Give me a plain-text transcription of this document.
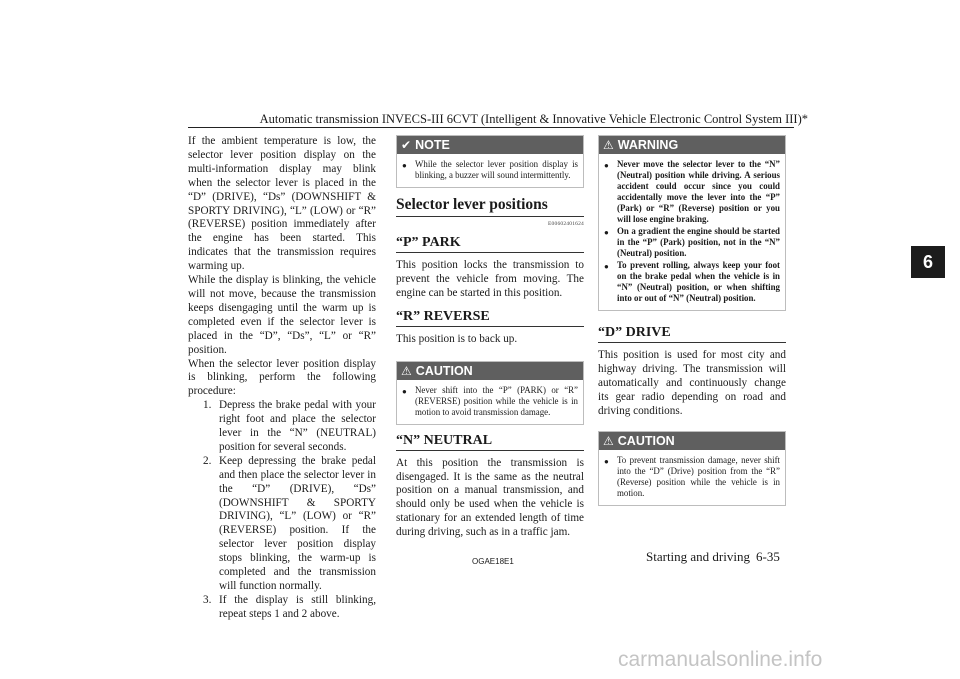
Automatic transmission INVECS-III 6CVT (Intelligent & Innovative Vehicle Electronic Control System III)*
6

If the ambient temperature is low, the selector lever position display on the multi-information display may blink when the selector lever is placed in the “D” (DRIVE), “Ds” (DOWNSHIFT & SPORTY DRIVING), “L” (LOW) or “R” (REVERSE) position immediately after the engine has been started. This indicates that the transmission requires warming up.

While the display is blinking, the vehicle will not move, because the transmission keeps disengaging until the warm up is completed even if the selector lever is placed in the “D”, “Ds”, “L” or “R” position.

When the selector lever position display is blinking, perform the following procedure:

1. Depress the brake pedal with your right foot and place the selector lever in the “N” (NEUTRAL) position for several seconds.
2. Keep depressing the brake pedal and then place the selector lever in the “D” (DRIVE), “Ds” (DOWNSHIFT & SPORTY DRIVING), “L” (LOW) or “R” (REVERSE) position. If the selector lever position display stops blinking, the warm-up is completed and the transmission will function normally.
3. If the display is still blinking, repeat steps 1 and 2 above.
✔ NOTE
● While the selector lever position display is blinking, a buzzer will sound intermittently.
Selector lever positions
E00602401624
“P” PARK

This position locks the transmission to prevent the vehicle from moving. The engine can be started in this position.

“R” REVERSE

This position is to back up.

⚠ CAUTION
● Never shift into the “P” (PARK) or “R” (REVERSE) position while the vehicle is in motion to avoid transmission damage.
“N” NEUTRAL

At this position the transmission is disengaged. It is the same as the neutral position on a manual transmission, and should only be used when the vehicle is stationary for an extended length of time during driving, such as in a traffic jam.

⚠ WARNING
● Never move the selector lever to the “N” (Neutral) position while driving. A serious accident could occur since you could accidentally move the lever into the “P” (Park) or “R” (Reverse) position or you will lose engine braking.
● On a gradient the engine should be started in the “P” (Park) position, not in the “N” (Neutral) position.
● To prevent rolling, always keep your foot on the brake pedal when the vehicle is in “N” (Neutral) position, or when shifting into or out of “N” (Neutral) position.
“D” DRIVE

This position is used for most city and highway driving. The transmission will automatically and continuously change its gear radio depending on road and driving conditions.

⚠ CAUTION
● To prevent transmission damage, never shift into the “D” (Drive) position from the “R” (Reverse) position while the vehicle is in motion.
OGAE18E1	Starting and driving 6-35
carmanualsonline.info
